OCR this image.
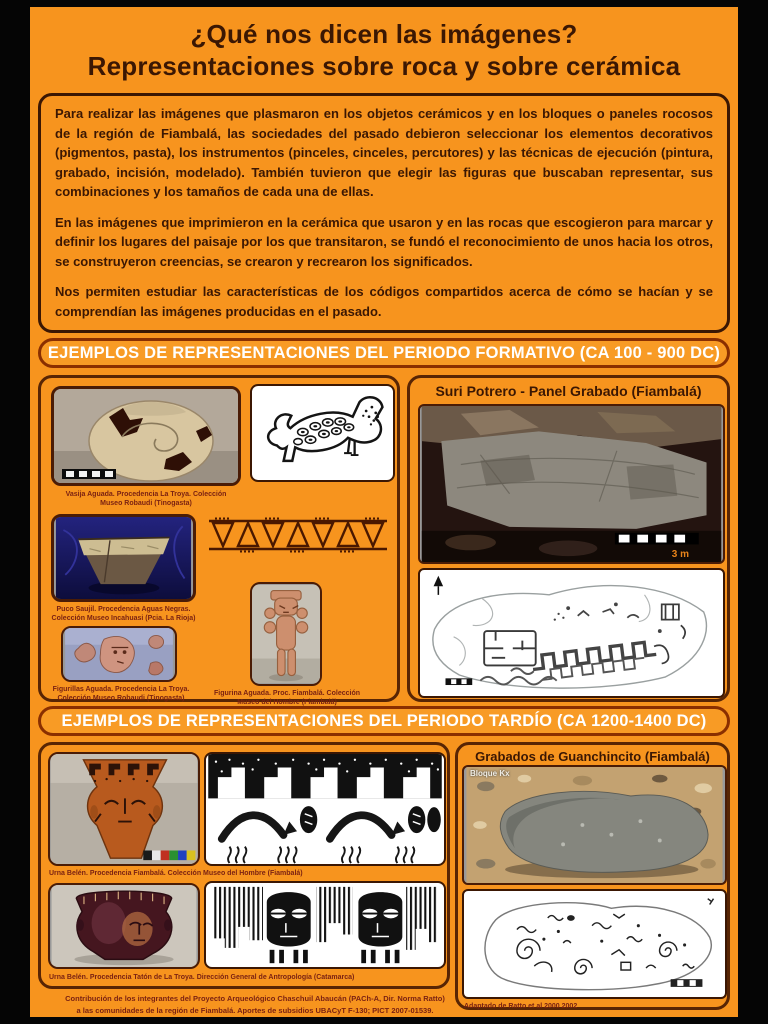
¿Qué nos dicen las imágenes?
Representaciones sobre roca y sobre cerámica

Para realizar las imágenes que plasmaron en los objetos cerámicos y en los bloques o paneles rocosos de la región de Fiambalá, las sociedades del pasado debieron seleccionar los elementos decorativos (pigmentos, pasta), los instrumentos (pinceles, cinceles, percutores) y las técnicas de ejecución (pintura, grabado, incisión, modelado). También tuvieron que elegir las figuras que buscaban representar, sus combinaciones y los tamaños de cada una de ellas.

En las imágenes que imprimieron en la cerámica que usaron y en las rocas que escogieron para marcar y definir los lugares del paisaje por los que transitaron, se fundó el reconocimiento de unos hacia los otros, se construyeron creencias, se crearon y recrearon los significados.

Nos permiten estudiar las características de los códigos compartidos acerca de cómo se hacían y se comprendían las imágenes producidas en el pasado.

EJEMPLOS DE REPRESENTACIONES DEL PERIODO FORMATIVO (CA 100 - 900 DC)
Vasija Aguada. Procedencia La Troya. Colección Museo Robaudi (Tinogasta)
Puco Saujil. Procedencia Aguas Negras. Colección Museo Incahuasi (Pcia. La Rioja)
Figurina Aguada. Proc. Fiambalá. Colección Museo del Hombre (Fiambalá)
Figurillas Aguada. Procedencia La Troya. Colección Museo Robaudi (Tinogasta)
Suri Potrero - Panel Grabado (Fiambalá)
3 m
EJEMPLOS DE REPRESENTACIONES DEL PERIODO TARDÍO (CA 1200-1400 DC)
Urna Belén. Procedencia Fiambalá. Colección Museo del Hombre (Fiambalá)
Urna Belén. Procedencia Tatón de La Troya. Dirección General de Antropología (Catamarca)
Grabados de Guanchincito (Fiambalá)
Bloque Kx
Adaptado de Ratto et al 2000 2002
Contribución de los integrantes del Proyecto Arqueológico Chaschuil Abaucán (PACh-A, Dir. Norma Ratto)
a las comunidades de la región de Fiambalá. Aportes de subsidios UBACyT F-130; PICT 2007-01539.
